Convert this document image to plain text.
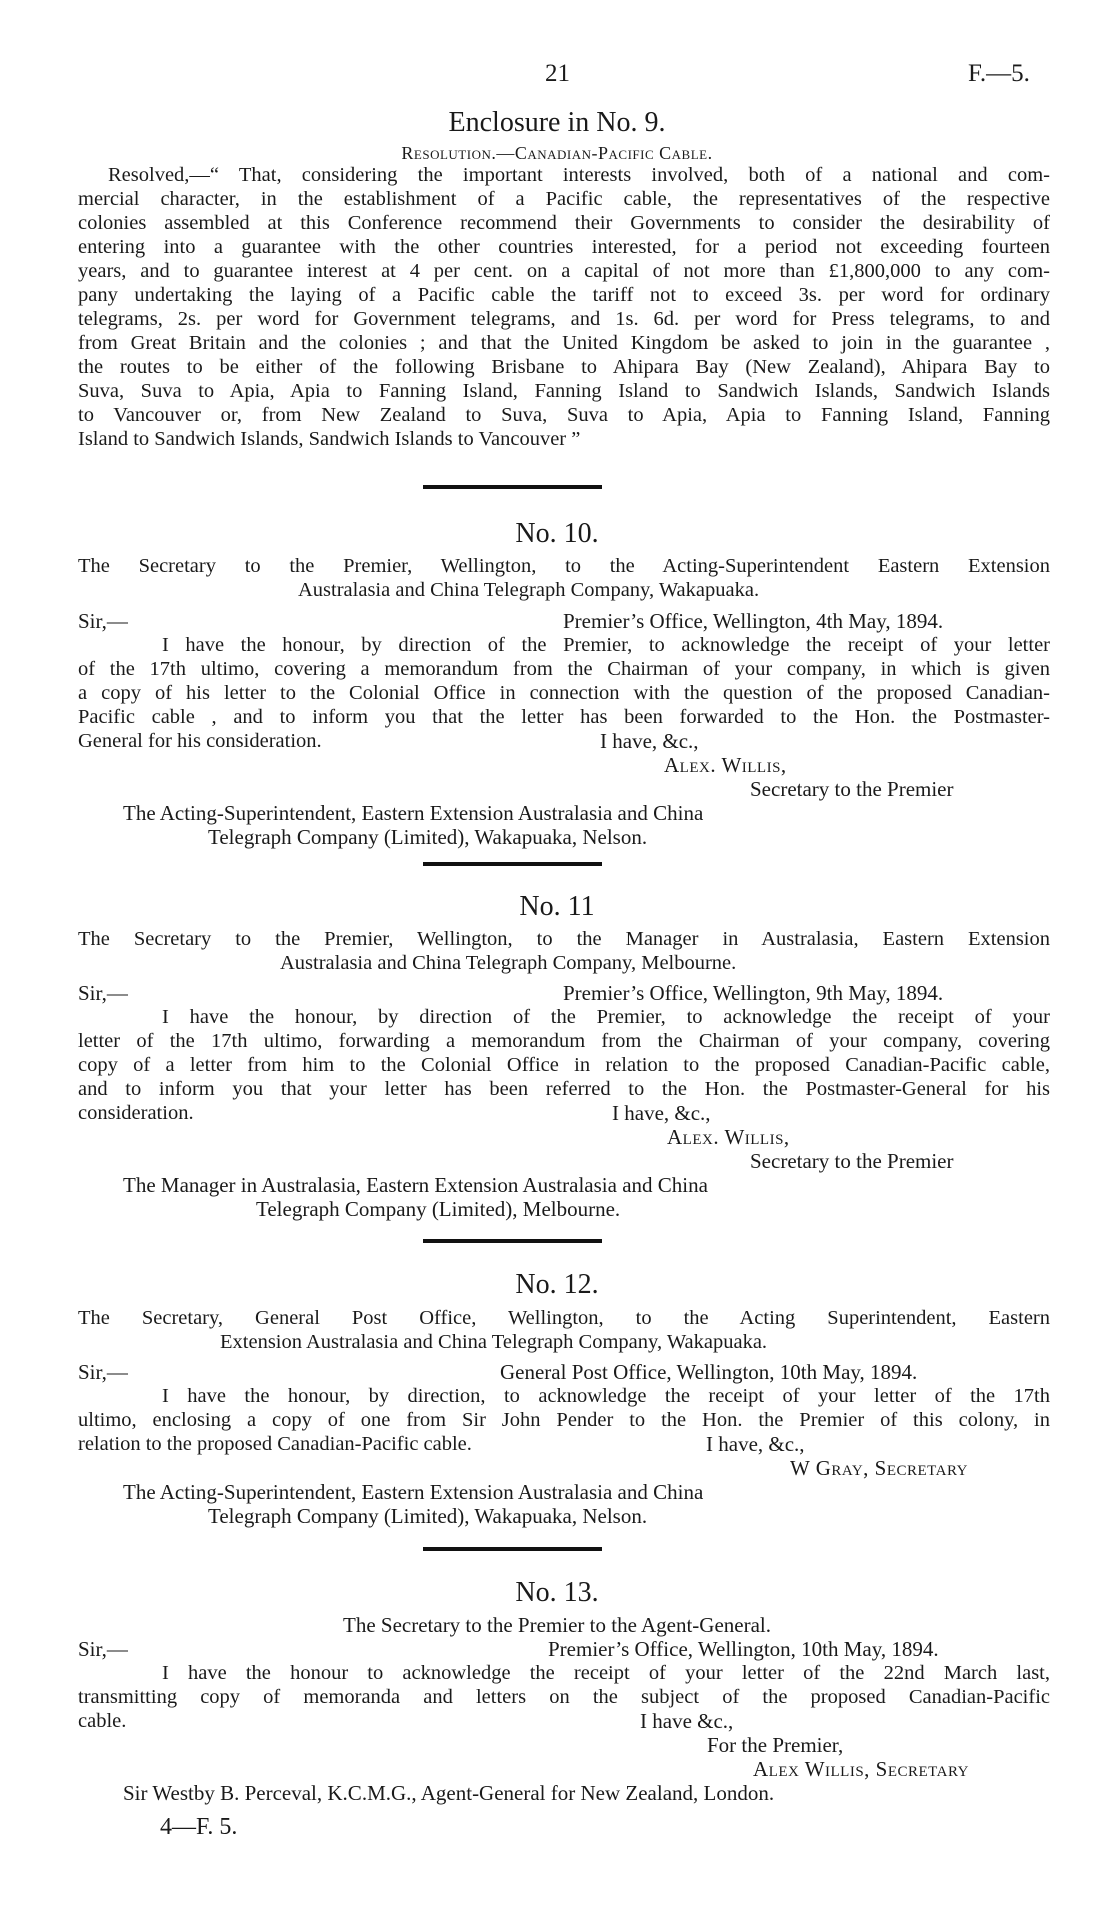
21	F.—5.
Enclosure in No. 9.
Resolution.—Canadian-Pacific Cable.
Resolved,—“ That, considering the important interests involved, both of a national and com-
mercial character, in the establishment of a Pacific cable, the representatives of the respective
colonies assembled at this Conference recommend their Governments to consider the desirability of
entering into a guarantee with the other countries interested, for a period not exceeding fourteen
years, and to guarantee interest at 4 per cent. on a capital of not more than £1,800,000 to any com-
pany undertaking the laying of a Pacific cable the tariff not to exceed 3s. per word for ordinary
telegrams, 2s. per word for Government telegrams, and 1s. 6d. per word for Press telegrams, to and
from Great Britain and the colonies ; and that the United Kingdom be asked to join in the guarantee ,
the routes to be either of the following Brisbane to Ahipara Bay (New Zealand), Ahipara Bay to
Suva, Suva to Apia, Apia to Fanning Island, Fanning Island to Sandwich Islands, Sandwich Islands
to Vancouver or, from New Zealand to Suva, Suva to Apia, Apia to Fanning Island, Fanning
Island to Sandwich Islands, Sandwich Islands to Vancouver ”
No. 10.
The Secretary to the Premier, Wellington, to the Acting-Superintendent Eastern Extension
Australasia and China Telegraph Company, Wakapuaka.
Sir,—	Premier’s Office, Wellington, 4th May, 1894.
I have the honour, by direction of the Premier, to acknowledge the receipt of your letter
of the 17th ultimo, covering a memorandum from the Chairman of your company, in which is given
a copy of his letter to the Colonial Office in connection with the question of the proposed Canadian-
Pacific cable , and to inform you that the letter has been forwarded to the Hon. the Postmaster-
General for his consideration.	I have, &c.,
Alex. Willis,
Secretary to the Premier
The Acting-Superintendent, Eastern Extension Australasia and China
Telegraph Company (Limited), Wakapuaka, Nelson.
No. 11
The Secretary to the Premier, Wellington, to the Manager in Australasia, Eastern Extension
Australasia and China Telegraph Company, Melbourne.
Sir,—	Premier’s Office, Wellington, 9th May, 1894.
I have the honour, by direction of the Premier, to acknowledge the receipt of your
letter of the 17th ultimo, forwarding a memorandum from the Chairman of your company, covering
copy of a letter from him to the Colonial Office in relation to the proposed Canadian-Pacific cable,
and to inform you that your letter has been referred to the Hon. the Postmaster-General for his
consideration.	I have, &c.,
Alex. Willis,
Secretary to the Premier
The Manager in Australasia, Eastern Extension Australasia and China
Telegraph Company (Limited), Melbourne.
No. 12.
The Secretary, General Post Office, Wellington, to the Acting Superintendent, Eastern
Extension Australasia and China Telegraph Company, Wakapuaka.
Sir,—	General Post Office, Wellington, 10th May, 1894.
I have the honour, by direction, to acknowledge the receipt of your letter of the 17th
ultimo, enclosing a copy of one from Sir John Pender to the Hon. the Premier of this colony, in
relation to the proposed Canadian-Pacific cable.	I have, &c.,
W Gray, Secretary
The Acting-Superintendent, Eastern Extension Australasia and China
Telegraph Company (Limited), Wakapuaka, Nelson.
No. 13.
The Secretary to the Premier to the Agent-General.
Sir,—	Premier’s Office, Wellington, 10th May, 1894.
I have the honour to acknowledge the receipt of your letter of the 22nd March last,
transmitting copy of memoranda and letters on the subject of the proposed Canadian-Pacific
cable.	I have &c.,
For the Premier,
Alex Willis, Secretary
Sir Westby B. Perceval, K.C.M.G., Agent-General for New Zealand, London.
4—F. 5.
